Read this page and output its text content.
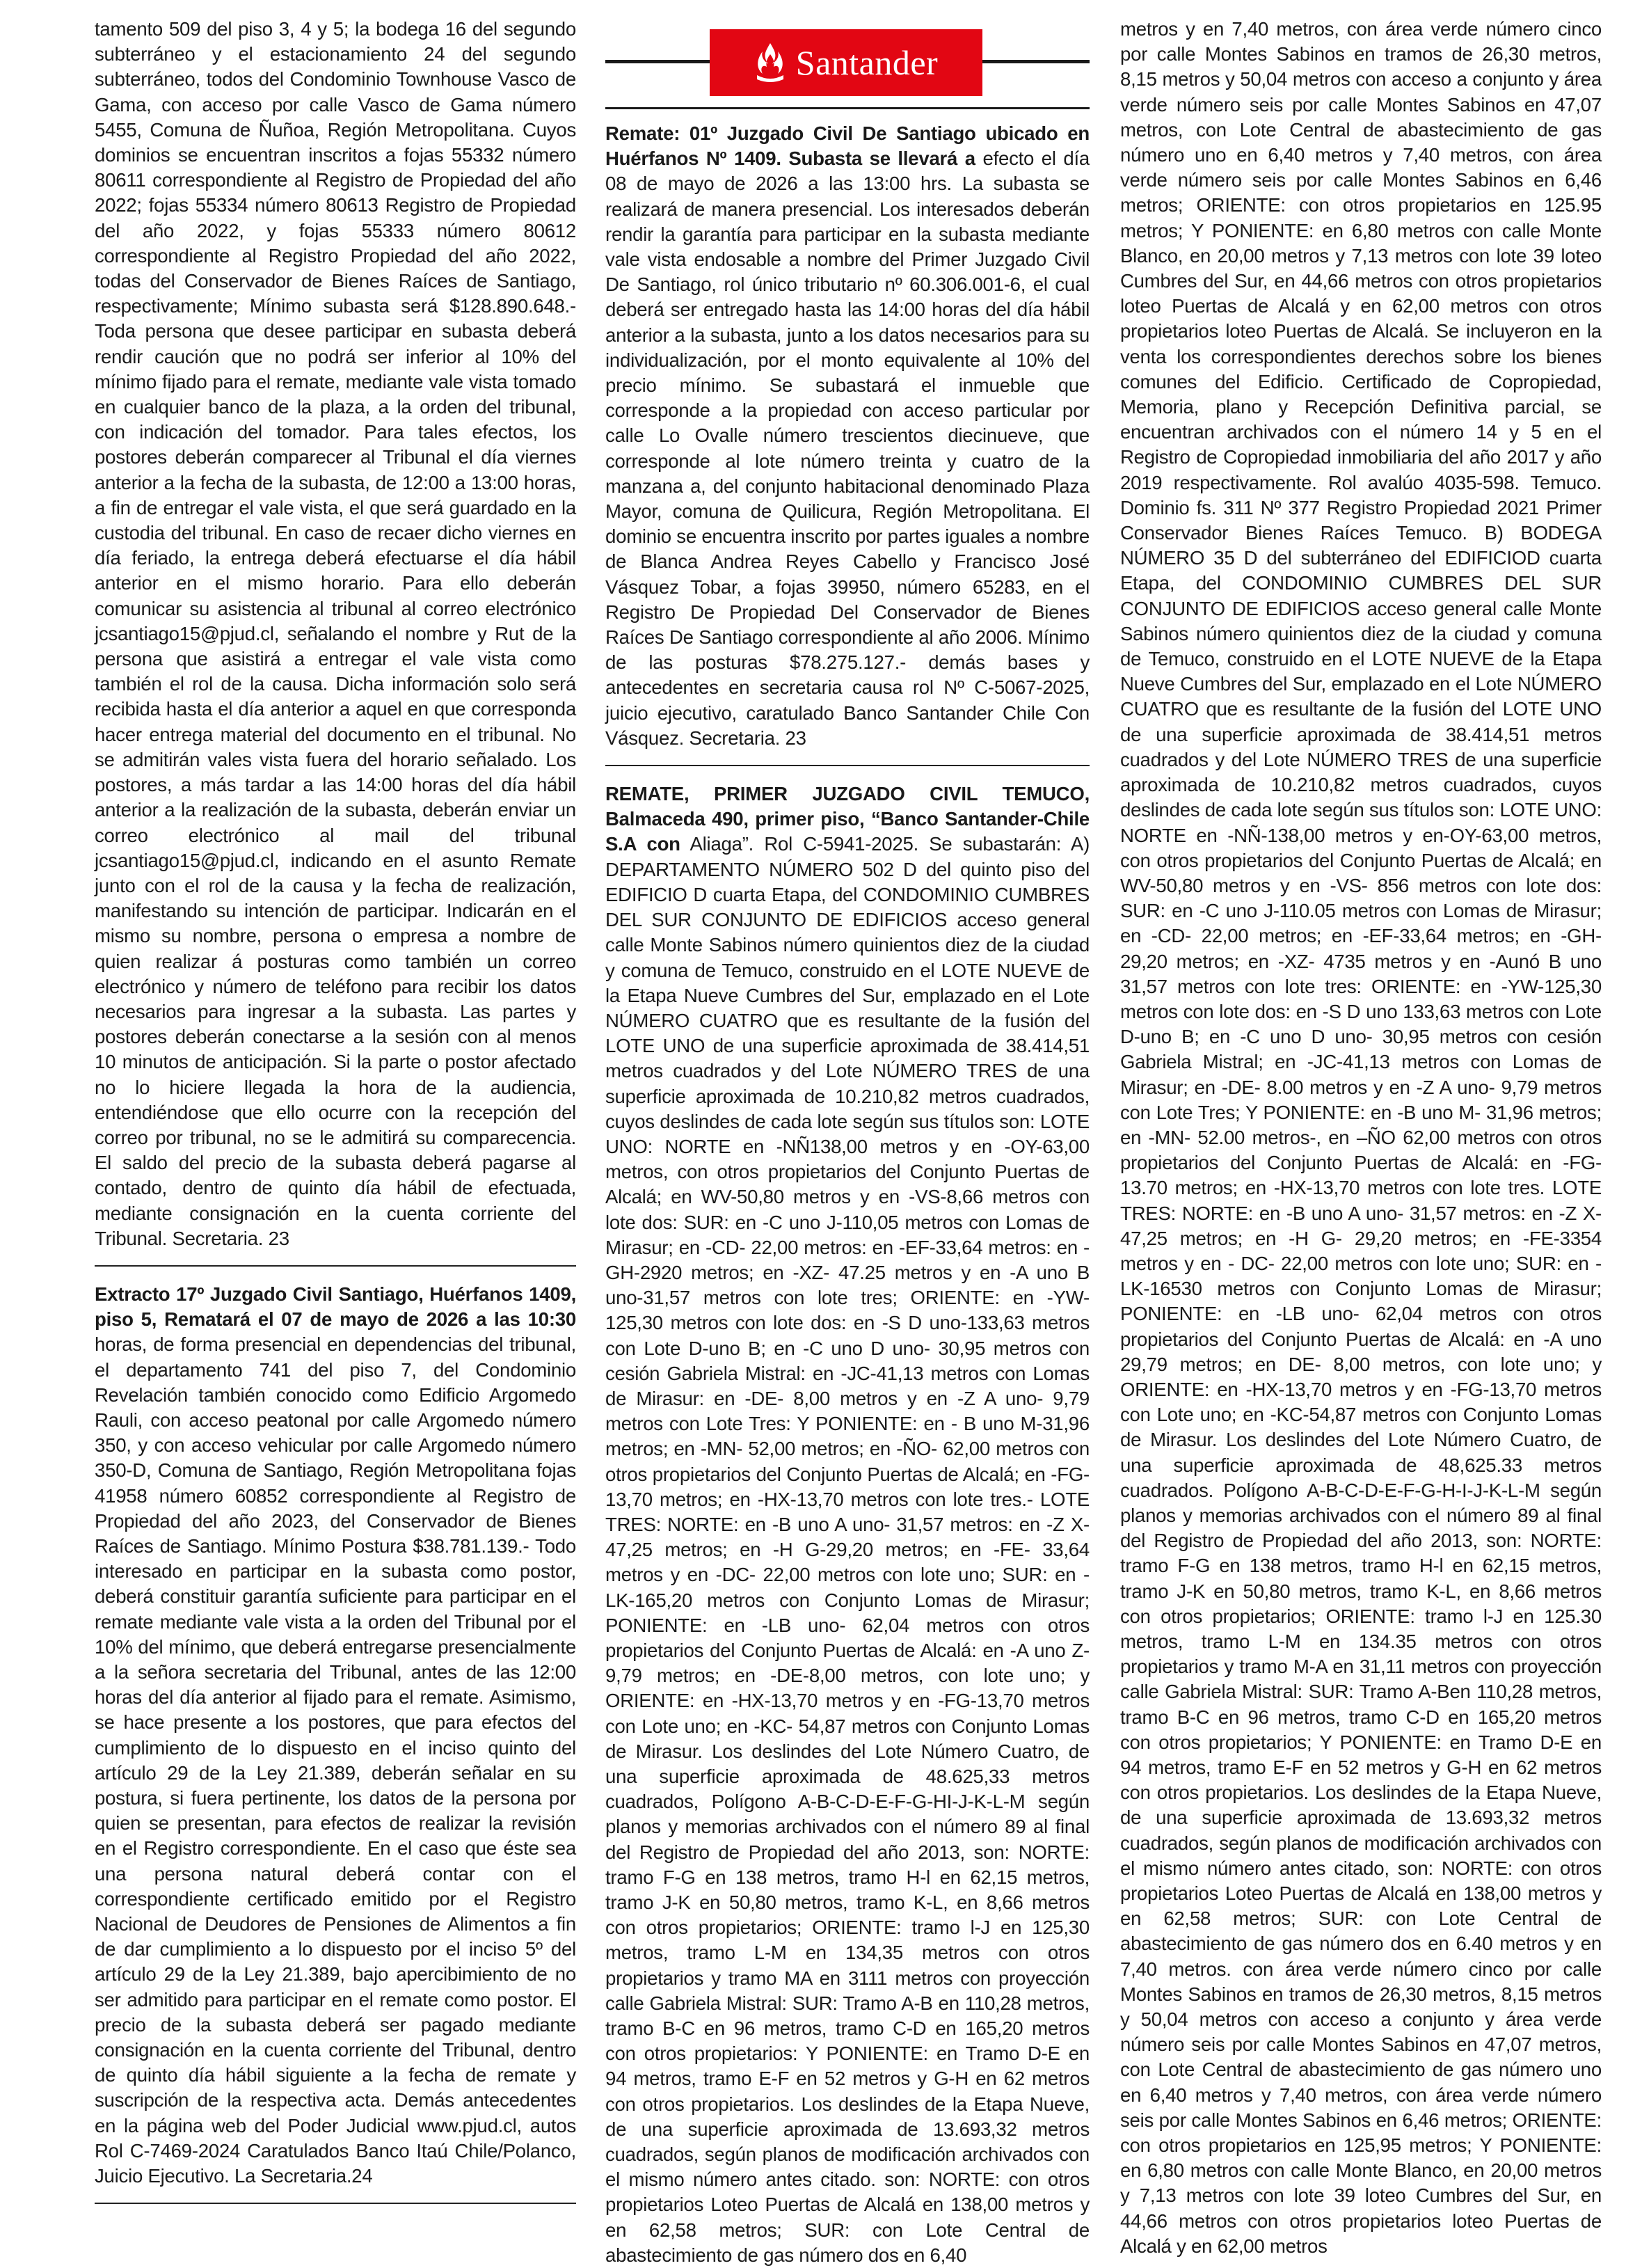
tamento 509 del piso 3, 4 y 5; la bodega 16 del segundo subterráneo y el estacionamiento 24 del segundo subterráneo, todos del Condominio Townhouse Vasco de Gama, con acceso por calle Vasco de Gama número 5455, Comuna de Ñuñoa, Región Metropolitana. Cuyos dominios se encuentran inscritos a fojas 55332 número 80611 correspondiente al Registro de Propiedad del año 2022; fojas 55334 número 80613 Registro de Propiedad del año 2022, y fojas 55333 número 80612 correspondiente al Registro Propiedad del año 2022, todas del Conservador de Bienes Raíces de Santiago, respectivamente; Mínimo subasta será $128.890.648.- Toda persona que desee participar en subasta deberá rendir caución que no podrá ser inferior al 10% del mínimo fijado para el remate, mediante vale vista tomado en cualquier banco de la plaza, a la orden del tribunal, con indicación del tomador. Para tales efectos, los postores deberán comparecer al Tribunal el día viernes anterior a la fecha de la subasta, de 12:00 a 13:00 horas, a fin de entregar el vale vista, el que será guardado en la custodia del tribunal. En caso de recaer dicho viernes en día feriado, la entrega deberá efectuarse el día hábil anterior en el mismo horario. Para ello deberán comunicar su asistencia al tribunal al correo electrónico jcsantiago15@pjud.cl, señalando el nombre y Rut de la persona que asistirá a entregar el vale vista como también el rol de la causa. Dicha información solo será recibida hasta el día anterior a aquel en que corresponda hacer entrega material del documento en el tribunal. No se admitirán vales vista fuera del horario señalado. Los postores, a más tardar a las 14:00 horas del día hábil anterior a la realización de la subasta, deberán enviar un correo electrónico al mail del tribunal jcsantiago15@pjud.cl, indicando en el asunto Remate junto con el rol de la causa y la fecha de realización, manifestando su intención de participar. Indicarán en el mismo su nombre, persona o empresa a nombre de quien realizar á posturas como también un correo electrónico y número de teléfono para recibir los datos necesarios para ingresar a la subasta. Las partes y postores deberán conectarse a la sesión con al menos 10 minutos de anticipación. Si la parte o postor afectado no lo hiciere llegada la hora de la audiencia, entendiéndose que ello ocurre con la recepción del correo por tribunal, no se le admitirá su comparecencia. El saldo del precio de la subasta deberá pagarse al contado, dentro de quinto día hábil de efectuada, mediante consignación en la cuenta corriente del Tribunal. Secretaria. 23

Extracto 17º Juzgado Civil Santiago, Huérfanos 1409, piso 5, Rematará el 07 de mayo de 2026 a las 10:30 horas, de forma presencial en dependencias del tribunal, el departamento 741 del piso 7, del Condominio Revelación también conocido como Edificio Argomedo Rauli, con acceso peatonal por calle Argomedo número 350, y con acceso vehicular por calle Argomedo número 350-D, Comuna de Santiago, Región Metropolitana fojas 41958 número 60852 correspondiente al Registro de Propiedad del año 2023, del Conservador de Bienes Raíces de Santiago. Mínimo Postura $38.781.139.- Todo interesado en participar en la subasta como postor, deberá constituir garantía suficiente para participar en el remate mediante vale vista a la orden del Tribunal por el 10% del mínimo, que deberá entregarse presencialmente a la señora secretaria del Tribunal, antes de las 12:00 horas del día anterior al fijado para el remate. Asimismo, se hace presente a los postores, que para efectos del cumplimiento de lo dispuesto en el inciso quinto del artículo 29 de la Ley 21.389, deberán señalar en su postura, si fuera pertinente, los datos de la persona por quien se presentan, para efectos de realizar la revisión en el Registro correspondiente. En el caso que éste sea una persona natural deberá contar con el correspondiente certificado emitido por el Registro Nacional de Deudores de Pensiones de Alimentos a fin de dar cumplimiento a lo dispuesto por el inciso 5º del artículo 29 de la Ley 21.389, bajo apercibimiento de no ser admitido para participar en el remate como postor. El precio de la subasta deberá ser pagado mediante consignación en la cuenta corriente del Tribunal, dentro de quinto día hábil siguiente a la fecha de remate y suscripción de la respectiva acta. Demás antecedentes en la página web del Poder Judicial www.pjud.cl, autos Rol C-7469-2024 Caratulados Banco Itaú Chile/Polanco, Juicio Ejecutivo. La Secretaria.24

Santander

Remate: 01º Juzgado Civil De Santiago ubicado en Huérfanos Nº 1409. Subasta se llevará a efecto el día 08 de mayo de 2026 a las 13:00 hrs. La subasta se realizará de manera presencial. Los interesados deberán rendir la garantía para participar en la subasta mediante vale vista endosable a nombre del Primer Juzgado Civil De Santiago, rol único tributario nº 60.306.001-6, el cual deberá ser entregado hasta las 14:00 horas del día hábil anterior a la subasta, junto a los datos necesarios para su individualización, por el monto equivalente al 10% del precio mínimo. Se subastará el inmueble que corresponde a la propiedad con acceso particular por calle Lo Ovalle número trescientos diecinueve, que corresponde al lote número treinta y cuatro de la manzana a, del conjunto habitacional denominado Plaza Mayor, comuna de Quilicura, Región Metropolitana. El dominio se encuentra inscrito por partes iguales a nombre de Blanca Andrea Reyes Cabello y Francisco José Vásquez Tobar, a fojas 39950, número 65283, en el Registro De Propiedad Del Conservador de Bienes Raíces De Santiago correspondiente al año 2006. Mínimo de las posturas $78.275.127.- demás bases y antecedentes en secretaria causa rol Nº C-5067-2025, juicio ejecutivo, caratulado Banco Santander Chile Con Vásquez. Secretaria. 23

REMATE, PRIMER JUZGADO CIVIL TEMUCO, Balmaceda 490, primer piso, “Banco Santander-Chile S.A con Aliaga”. Rol C-5941-2025. Se subastarán: A) DEPARTAMENTO NÚMERO 502 D del quinto piso del EDIFICIO D cuarta Etapa, del CONDOMINIO CUMBRES DEL SUR CONJUNTO DE EDIFICIOS acceso general calle Monte Sabinos número quinientos diez de la ciudad y comuna de Temuco, construido en el LOTE NUEVE de la Etapa Nueve Cumbres del Sur, emplazado en el Lote NÚMERO CUATRO que es resultante de la fusión del LOTE UNO de una superficie aproximada de 38.414,51 metros cuadrados y del Lote NÚMERO TRES de una superficie aproximada de 10.210,82 metros cuadrados, cuyos deslindes de cada lote según sus títulos son: LOTE UNO: NORTE en -NÑ138,00 metros y en -OY-63,00 metros, con otros propietarios del Conjunto Puertas de Alcalá; en WV-50,80 metros y en -VS-8,66 metros con lote dos: SUR: en -C uno J-110,05 metros con Lomas de Mirasur; en -CD- 22,00 metros: en -EF-33,64 metros: en -GH-2920 metros; en -XZ- 47.25 metros y en -A uno B uno-31,57 metros con lote tres; ORIENTE: en -YW-125,30 metros con lote dos: en -S D uno-133,63 metros con Lote D-uno B; en -C uno D uno- 30,95 metros con cesión Gabriela Mistral: en -JC-41,13 metros con Lomas de Mirasur: en -DE- 8,00 metros y en -Z A uno- 9,79 metros con Lote Tres: Y PONIENTE: en - B uno M-31,96 metros; en -MN- 52,00 metros; en -ÑO- 62,00 metros con otros propietarios del Conjunto Puertas de Alcalá; en -FG-13,70 metros; en -HX-13,70 metros con lote tres.- LOTE TRES: NORTE: en -B uno A uno- 31,57 metros: en -Z X- 47,25 metros; en -H G-29,20 metros; en -FE- 33,64 metros y en -DC- 22,00 metros con lote uno; SUR: en -LK-165,20 metros con Conjunto Lomas de Mirasur; PONIENTE: en -LB uno- 62,04 metros con otros propietarios del Conjunto Puertas de Alcalá: en -A uno Z-9,79 metros; en -DE-8,00 metros, con lote uno; y ORIENTE: en -HX-13,70 metros y en -FG-13,70 metros con Lote uno; en -KC- 54,87 metros con Conjunto Lomas de Mirasur. Los deslindes del Lote Número Cuatro, de una superficie aproximada de 48.625,33 metros cuadrados, Polígono A-B-C-D-E-F-G-HI-J-K-L-M según planos y memorias archivados con el número 89 al final del Registro de Propiedad del año 2013, son: NORTE: tramo F-G en 138 metros, tramo H-l en 62,15 metros, tramo J-K en 50,80 metros, tramo K-L, en 8,66 metros con otros propietarios; ORIENTE: tramo l-J en 125,30 metros, tramo L-M en 134,35 metros con otros propietarios y tramo MA en 3111 metros con proyección calle Gabriela Mistral: SUR: Tramo A-B en 110,28 metros, tramo B-C en 96 metros, tramo C-D en 165,20 metros con otros propietarios: Y PONIENTE: en Tramo D-E en 94 metros, tramo E-F en 52 metros y G-H en 62 metros con otros propietarios. Los deslindes de la Etapa Nueve, de una superficie aproximada de 13.693,32 metros cuadrados, según planos de modificación archivados con el mismo número antes citado. son: NORTE: con otros propietarios Loteo Puertas de Alcalá en 138,00 metros y en 62,58 metros; SUR: con Lote Central de abastecimiento de gas número dos en 6,40

metros y en 7,40 metros, con área verde número cinco por calle Montes Sabinos en tramos de 26,30 metros, 8,15 metros y 50,04 metros con acceso a conjunto y área verde número seis por calle Montes Sabinos en 47,07 metros, con Lote Central de abastecimiento de gas número uno en 6,40 metros y 7,40 metros, con área verde número seis por calle Montes Sabinos en 6,46 metros; ORIENTE: con otros propietarios en 125.95 metros; Y PONIENTE: en 6,80 metros con calle Monte Blanco, en 20,00 metros y 7,13 metros con lote 39 loteo Cumbres del Sur, en 44,66 metros con otros propietarios loteo Puertas de Alcalá y en 62,00 metros con otros propietarios loteo Puertas de Alcalá. Se incluyeron en la venta los correspondientes derechos sobre los bienes comunes del Edificio. Certificado de Copropiedad, Memoria, plano y Recepción Definitiva parcial, se encuentran archivados con el número 14 y 5 en el Registro de Copropiedad inmobiliaria del año 2017 y año 2019 respectivamente. Rol avalúo 4035-598. Temuco. Dominio fs. 311 Nº 377 Registro Propiedad 2021 Primer Conservador Bienes Raíces Temuco. B) BODEGA NÚMERO 35 D del subterráneo del EDIFICIOD cuarta Etapa, del CONDOMINIO CUMBRES DEL SUR CONJUNTO DE EDIFICIOS acceso general calle Monte Sabinos número quinientos diez de la ciudad y comuna de Temuco, construido en el LOTE NUEVE de la Etapa Nueve Cumbres del Sur, emplazado en el Lote NÚMERO CUATRO que es resultante de la fusión del LOTE UNO de una superficie aproximada de 38.414,51 metros cuadrados y del Lote NÚMERO TRES de una superficie aproximada de 10.210,82 metros cuadrados, cuyos deslindes de cada lote según sus títulos son: LOTE UNO: NORTE en -NÑ-138,00 metros y en-OY-63,00 metros, con otros propietarios del Conjunto Puertas de Alcalá; en WV-50,80 metros y en -VS- 856 metros con lote dos: SUR: en -C uno J-110.05 metros con Lomas de Mirasur; en -CD- 22,00 metros; en -EF-33,64 metros; en -GH- 29,20 metros; en -XZ- 4735 metros y en -Aunó B uno 31,57 metros con lote tres: ORIENTE: en -YW-125,30 metros con lote dos: en -S D uno 133,63 metros con Lote D-uno B; en -C uno D uno- 30,95 metros con cesión Gabriela Mistral; en -JC-41,13 metros con Lomas de Mirasur; en -DE- 8.00 metros y en -Z A uno- 9,79 metros con Lote Tres; Y PONIENTE: en -B uno M- 31,96 metros; en -MN- 52.00 metros-, en –ÑO 62,00 metros con otros propietarios del Conjunto Puertas de Alcalá: en -FG-13.70 metros; en -HX-13,70 metros con lote tres. LOTE TRES: NORTE: en -B uno A uno- 31,57 metros: en -Z X- 47,25 metros; en -H G- 29,20 metros; en -FE-3354 metros y en - DC- 22,00 metros con lote uno; SUR: en -LK-16530 metros con Conjunto Lomas de Mirasur; PONIENTE: en -LB uno- 62,04 metros con otros propietarios del Conjunto Puertas de Alcalá: en -A uno 29,79 metros; en DE- 8,00 metros, con lote uno; y ORIENTE: en -HX-13,70 metros y en -FG-13,70 metros con Lote uno; en -KC-54,87 metros con Conjunto Lomas de Mirasur. Los deslindes del Lote Número Cuatro, de una superficie aproximada de 48,625.33 metros cuadrados. Polígono A-B-C-D-E-F-G-H-I-J-K-L-M según planos y memorias archivados con el número 89 al final del Registro de Propiedad del año 2013, son: NORTE: tramo F-G en 138 metros, tramo H-l en 62,15 metros, tramo J-K en 50,80 metros, tramo K-L, en 8,66 metros con otros propietarios; ORIENTE: tramo l-J en 125.30 metros, tramo L-M en 134.35 metros con otros propietarios y tramo M-A en 31,11 metros con proyección calle Gabriela Mistral: SUR: Tramo A-Ben 110,28 metros, tramo B-C en 96 metros, tramo C-D en 165,20 metros con otros propietarios; Y PONIENTE: en Tramo D-E en 94 metros, tramo E-F en 52 metros y G-H en 62 metros con otros propietarios. Los deslindes de la Etapa Nueve, de una superficie aproximada de 13.693,32 metros cuadrados, según planos de modificación archivados con el mismo número antes citado, son: NORTE: con otros propietarios Loteo Puertas de Alcalá en 138,00 metros y en 62,58 metros; SUR: con Lote Central de abastecimiento de gas número dos en 6.40 metros y en 7,40 metros. con área verde número cinco por calle Montes Sabinos en tramos de 26,30 metros, 8,15 metros y 50,04 metros con acceso a conjunto y área verde número seis por calle Montes Sabinos en 47,07 metros, con Lote Central de abastecimiento de gas número uno en 6,40 metros y 7,40 metros, con área verde número seis por calle Montes Sabinos en 6,46 metros; ORIENTE: con otros propietarios en 125,95 metros; Y PONIENTE: en 6,80 metros con calle Monte Blanco, en 20,00 metros y 7,13 metros con lote 39 loteo Cumbres del Sur, en 44,66 metros con otros propietarios loteo Puertas de Alcalá y en 62,00 metros
